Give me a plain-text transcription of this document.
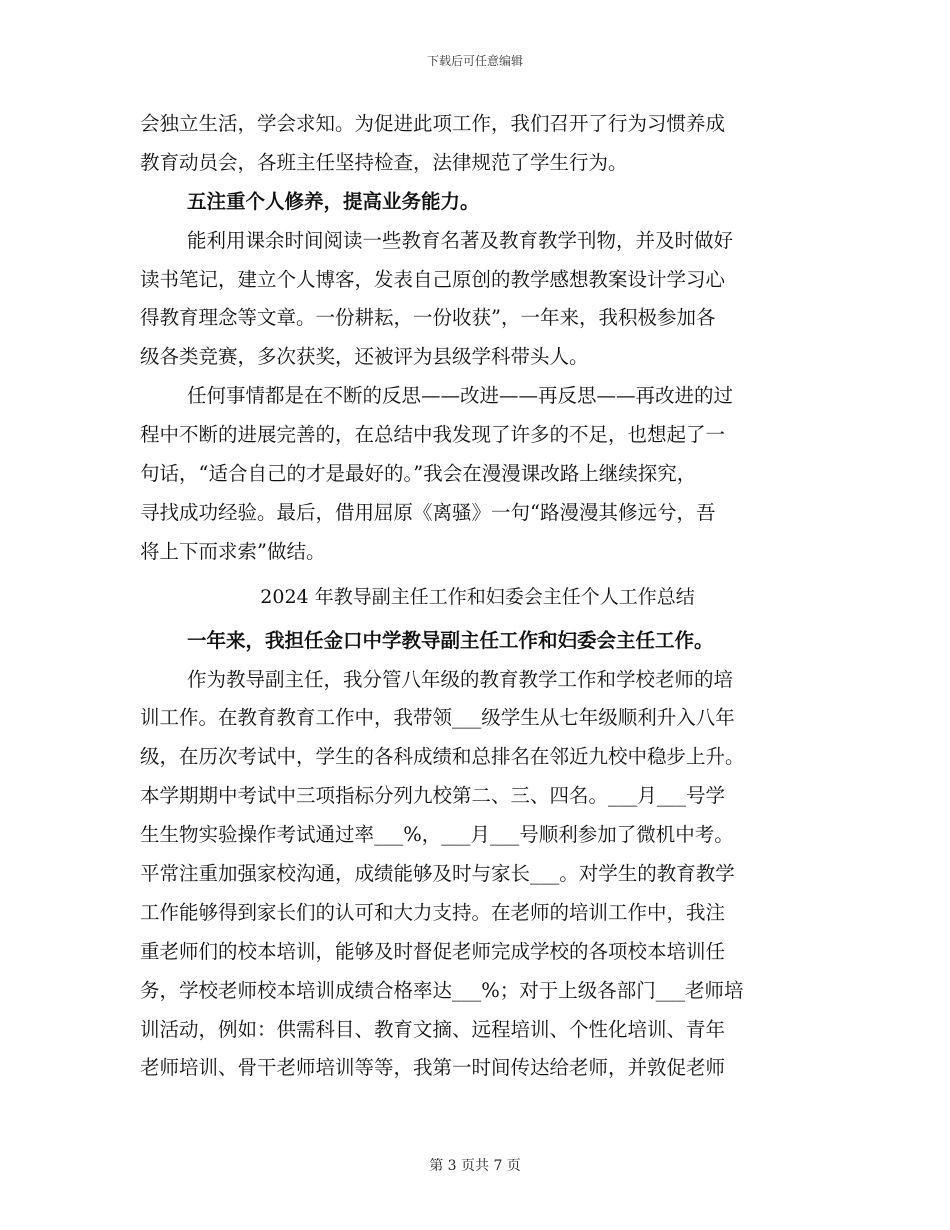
下载后可任意编辑
会独立生活，学会求知。为促进此项工作，我们召开了行为习惯养成
教育动员会，各班主任坚持检查，法律规范了学生行为。
五注重个人修养，提高业务能力。
能利用课余时间阅读一些教育名著及教育教学刊物，并及时做好
读书笔记，建立个人博客，发表自己原创的教学感想教案设计学习心
得教育理念等文章。一份耕耘，一份收获”，一年来，我积极参加各
级各类竞赛，多次获奖，还被评为县级学科带头人。
任何事情都是在不断的反思——改进——再反思——再改进的过
程中不断的进展完善的，在总结中我发现了许多的不足，也想起了一
句话，“适合自己的才是最好的。”我会在漫漫课改路上继续探究，
寻找成功经验。最后，借用屈原《离骚》一句“路漫漫其修远兮，吾
将上下而求索”做结。
2024 年教导副主任工作和妇委会主任个人工作总结
一年来，我担任金口中学教导副主任工作和妇委会主任工作。
作为教导副主任，我分管八年级的教育教学工作和学校老师的培
训工作。在教育教育工作中，我带领___级学生从七年级顺利升入八年
级，在历次考试中，学生的各科成绩和总排名在邻近九校中稳步上升。
本学期期中考试中三项指标分列九校第二、三、四名。___月___号学
生生物实验操作考试通过率___%，___月___号顺利参加了微机中考。
平常注重加强家校沟通，成绩能够及时与家长___。对学生的教育教学
工作能够得到家长们的认可和大力支持。在老师的培训工作中，我注
重老师们的校本培训，能够及时督促老师完成学校的各项校本培训任
务，学校老师校本培训成绩合格率达___%；对于上级各部门___老师培
训活动，例如：供需科目、教育文摘、远程培训、个性化培训、青年
老师培训、骨干老师培训等等，我第一时间传达给老师，并敦促老师
第 3 页共 7 页
